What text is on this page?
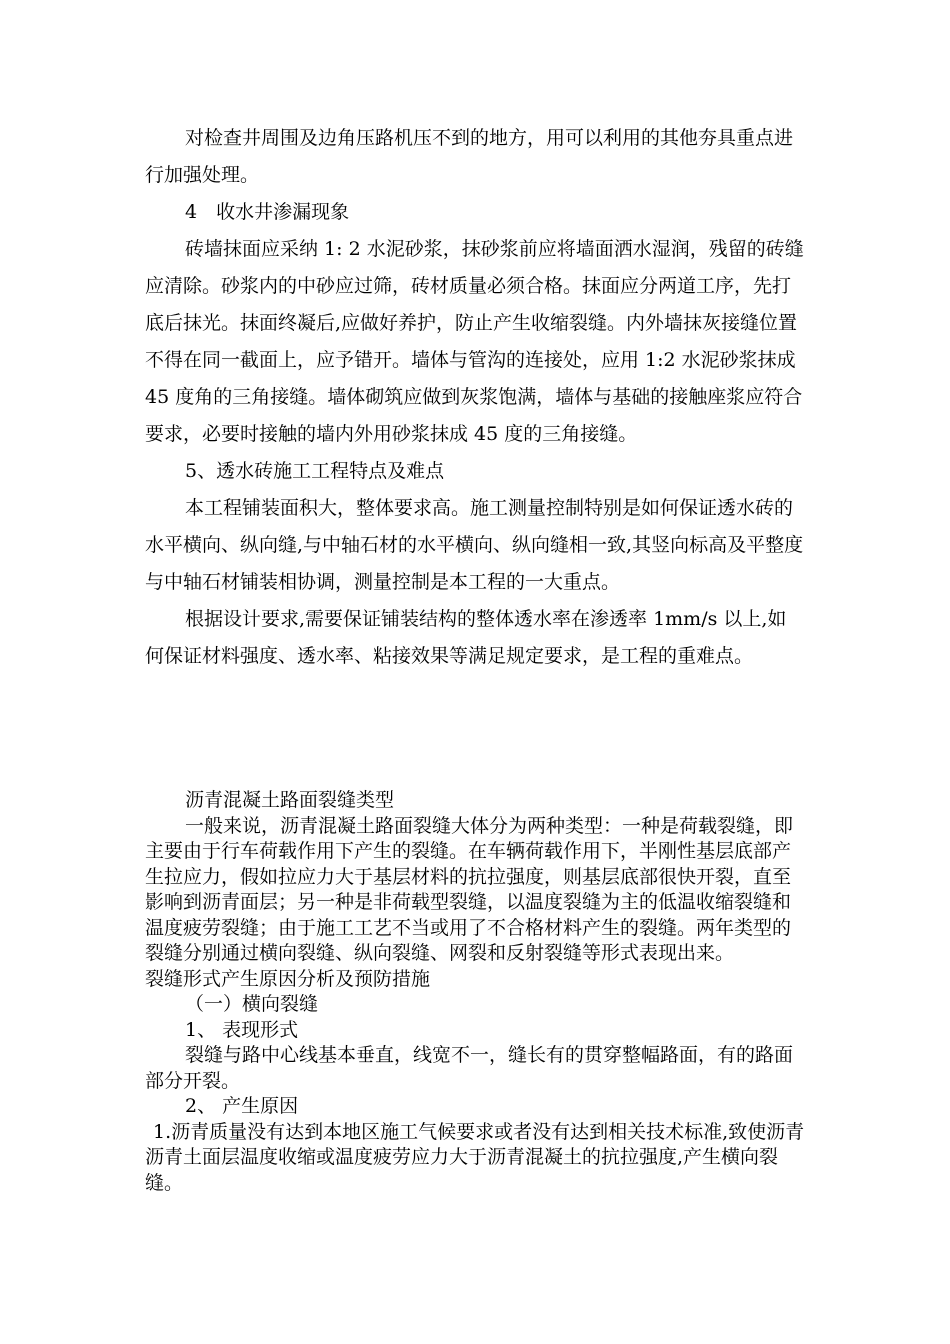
对检查井周围及边角压路机压不到的地方，用可以利用的其他夯具重点进行加强处理。

4　收水井渗漏现象

砖墙抹面应采纳 1: 2 水泥砂浆，抹砂浆前应将墙面洒水湿润，残留的砖缝应清除。砂浆内的中砂应过筛，砖材质量必须合格。抹面应分两道工序，先打底后抹光。抹面终凝后,应做好养护，防止产生收缩裂缝。内外墙抹灰接缝位置不得在同一截面上，应予错开。墙体与管沟的连接处，应用 1:2 水泥砂浆抹成 45 度角的三角接缝。墙体砌筑应做到灰浆饱满，墙体与基础的接触座浆应符合要求，必要时接触的墙内外用砂浆抹成 45 度的三角接缝。

5、透水砖施工工程特点及难点

本工程铺装面积大，整体要求高。施工测量控制特别是如何保证透水砖的水平横向、纵向缝,与中轴石材的水平横向、纵向缝相一致,其竖向标高及平整度与中轴石材铺装相协调，测量控制是本工程的一大重点。

根据设计要求,需要保证铺装结构的整体透水率在渗透率 1mm/s 以上,如何保证材料强度、透水率、粘接效果等满足规定要求，是工程的重难点。

沥青混凝土路面裂缝类型

一般来说，沥青混凝土路面裂缝大体分为两种类型：一种是荷载裂缝，即主要由于行车荷载作用下产生的裂缝。在车辆荷载作用下，半刚性基层底部产生拉应力，假如拉应力大于基层材料的抗拉强度，则基层底部很快开裂，直至影响到沥青面层；另一种是非荷载型裂缝，以温度裂缝为主的低温收缩裂缝和温度疲劳裂缝；由于施工工艺不当或用了不合格材料产生的裂缝。两年类型的裂缝分别通过横向裂缝、纵向裂缝、网裂和反射裂缝等形式表现出来。

裂缝形式产生原因分析及预防措施

（一）横向裂缝

1、 表现形式

裂缝与路中心线基本垂直，线宽不一，缝长有的贯穿整幅路面，有的路面部分开裂。

2、 产生原因

1.沥青质量没有达到本地区施工气候要求或者没有达到相关技术标准,致使沥青沥青土面层温度收缩或温度疲劳应力大于沥青混凝土的抗拉强度,产生横向裂缝。
